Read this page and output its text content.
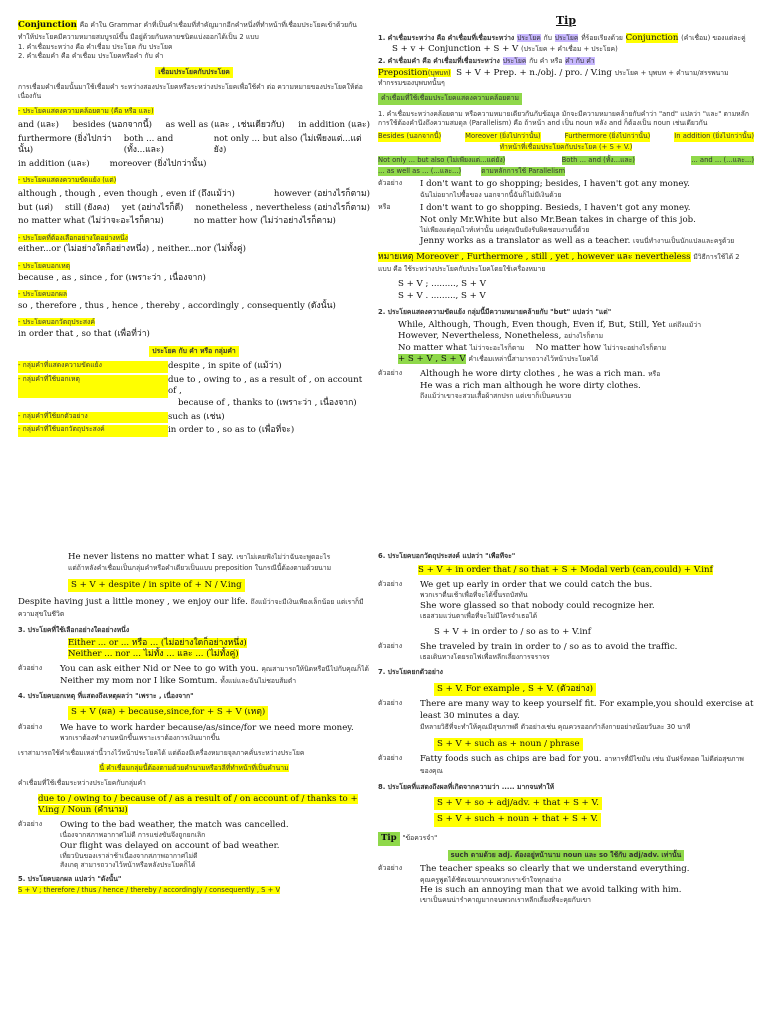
Conjunction คือ คำใน Grammar คำที่เป็นคำเชื่อมที่สำคัญมากอีกคำหนึ่งที่ทำหน้าที่เชื่อมประโยคเข้าด้วยกัน ทำให้ประโยคมีความหมายสมบูรณ์ขึ้น มีอยู่ด้วยกันหลายชนิดแบ่งออกได้เป็น 2 แบบ

1. คำเชื่อมระหว่าง คือ คำเชื่อม ประโยค กับ ประโยค

2. คำเชื่อมคำ คือ คำเชื่อม ประโยคหรือคำ กับ คำ

เชื่อมประโยคกับประโยค

การเชื่อมคำเชื่อมนั้นมาใช้เชื่อมคำ ระหว่างสองประโยคหรือระหว่างประโยคเพื่อใช้คำ ต่อ ความหมายของประโยคให้ต่อเนื่องกัน

- ประโยคแสดงความคล้อยตาม (คือ หรือ และ)

and (และ) besides (นอกจากนี้) as well as (และ , เช่นเดียวกับ) in addition (และ)
furthermore (ยิ่งไปกว่านั้น)
both ... and (ทั้ง...และ)
not only ... but also (ไม่เพียงแต่...แต่ยัง)
in addition (และ) moreover (ยิ่งไปกว่านั้น)

- ประโยคแสดงความขัดแย้ง (แต่)

although , though , even though , even if (ถึงแม้ว่า)	however (อย่างไรก็ตาม)
but (แต่) still (ยังคง) yet (อย่างไรก็ดี) nonetheless , nevertheless (อย่างไรก็ตาม)
no matter what (ไม่ว่าจะอะไรก็ตาม)	no matter how (ไม่ว่าอย่างไรก็ตาม)

- ประโยคที่ต้องเลือกอย่างใดอย่างหนึ่ง

either...or (ไม่อย่างใดก็อย่างหนึ่ง) , neither...nor (ไม่ทั้งคู่)

- ประโยคบอกเหตุ

because , as , since , for (เพราะว่า , เนื่องจาก)

- ประโยคบอกผล

so , therefore , thus , hence , thereby , accordingly , consequently (ดังนั้น)

- ประโยคบอกวัตถุประสงค์

in order that , so that (เพื่อที่ว่า)

ประโยค กับ คำ หรือ กลุ่มคำ

- กลุ่มคำที่แสดงความขัดแย้ง	despite , in spite of (แม้ว่า)
- กลุ่มคำที่ใช้บอกเหตุ	due to , owing to , as a result of , on account of ,

because of , thanks to (เพราะว่า , เนื่องจาก)

- กลุ่มคำที่ใช้ยกตัวอย่าง	such as (เช่น)
- กลุ่มคำที่ใช้บอกวัตถุประสงค์	in order to , so as to (เพื่อที่จะ)

Tip

1. คำเชื่อมระหว่าง คือ คำเชื่อมที่เชื่อมระหว่าง ประโยค กับ ประโยค ที่ร้อยเรียงด้วย Conjunction (คำเชื่อม) ของแต่ละคู่

S + v + Conjunction + S + V (ประโยค + คำเชื่อม + ประโยค)

2. คำเชื่อมคำ คือ คำเชื่อมที่เชื่อมระหว่าง ประโยค กับ คำ หรือ คำ กับ คำ

Preposition(บุพบท) S + V + Prep. + n./obj. / pro. / V.ing ประโยค + บุพบท + คำนาม/สรรพนาม

ทำกรรมของบุพบทนั้นๆ

คำเชื่อมที่ใช้เชื่อมประโยคแสดงความคล้อยตาม

1. คำเชื่อมระหว่างคล้อยตาม หรือความหมายเดียวกันกับข้อมูล มักจะมีความหมายคล้ายกับคำว่า "and" แปลว่า "และ" ตามหลักการใช้ต้องคำนึงถึงความสมดุล (Parallelism) คือ ถ้าหน้า and เป็น noun หลัง and ก็ต้องเป็น noun เช่นเดียวกัน

Besides (นอกจากนี้)	Moreover (ยิ่งไปกว่านั้น)	Furthermore (ยิ่งไปกว่านั้น)	In addition (ยิ่งไปกว่านั้น)

ทำหน้าที่เชื่อมประโยคกับประโยค (+ S + V.)

Not only ... but also (ไม่เพียงแต่...แต่ยัง)	Both ... and (ทั้ง...และ)	... and ... (...และ...)
... as well as ... (...และ...)	ตามหลักการใช้ Parallelism
ตัวอย่าง	I don't want to go shopping; besides, I haven't got any money.

ฉันไม่อยากไปซื้อของ นอกจากนี้ฉันก็ไม่มีเงินด้วย

หรือ	I don't want to go shopping. Besieds, I haven't got any money.

Not only Mr.White but also Mr.Bean takes in charge of this job.

ไม่เพียงแต่คุณไวท์เท่านั้น แต่คุณบีนยังรับผิดชอบงานนี้ด้วย

Jenny works as a translator as well as a teacher. เจนนี่ทำงานเป็นนักแปลและครูด้วย

หมายเหตุ Moreover , Furthermore , still , yet , however และ nevertheless มีวิธีการใช้ได้ 2 แบบ คือ ใช้ระหว่างประโยคกับประโยคโดยใช้เครื่องหมาย

S + V ; ........., S + V

S + V . ........., S + V

2. ประโยคแสดงความขัดแย้ง กลุ่มนี้มีความหมายคล้ายกับ "but" แปลว่า "แต่"

While, Although, Though, Even though, Even if, But, Still, Yet แต่ถึงแม้ว่า

However, Nevertheless, Nonetheless, อย่างไรก็ตาม

No matter what ไม่ว่าจะอะไรก็ตาม No matter how ไม่ว่าจะอย่างไรก็ตาม

+ S + V , S + V คำเชื่อมเหล่านี้สามารถวางไว้หน้าประโยคได้

ตัวอย่าง	Although he wore dirty clothes , he was a rich man. หรือ

He was a rich man although he wore dirty clothes.

ถึงแม้ว่าเขาจะสวมเสื้อผ้าสกปรก แต่เขาก็เป็นคนรวย

He never listens no matter what I say. เขาไม่เคยฟังไม่ว่าฉันจะพูดอะไร

แต่ถ้าหลังคำเชื่อมเป็นกลุ่มคำหรือคำเดียวเป็นแบบ preposition ในกรณีนี้ต้องตามด้วยนาม

S + V + despite / in spite of + N / V.ing

Despite having just a little money , we enjoy our life. ถึงแม้ว่าจะมีเงินเพียงเล็กน้อย แต่เราก็มีความสุขในชีวิต

3. ประโยคที่ใช้เลือกอย่างใดอย่างหนึ่ง

Either ... or ... หรือ ... (ไม่อย่างใดก็อย่างหนึ่ง)

Neither ... nor ... ไม่ทั้ง ... และ ... (ไม่ทั้งคู่)

ตัวอย่าง	You can ask either Nid or Nee to go with you. คุณสามารถให้นิดหรือนีไปกับคุณก็ได้

Neither my mom nor I like Somtum. ทั้งแม่และฉันไม่ชอบส้มตำ

4. ประโยคบอกเหตุ ที่แสดงถึงเหตุผลว่า "เพราะ , เนื่องจาก"

S + V (ผล) + because,since,for + S + V (เหตุ)

ตัวอย่าง	We have to work harder because/as/since/for we need more money.

พวกเราต้องทำงานหนักขึ้นเพราะเราต้องการเงินมากขึ้น

เราสามารถใช้คำเชื่อมเหล่านี้วางไว้หน้าประโยคได้ แต่ต้องมีเครื่องหมายจุลภาคคั่นระหว่างประโยค

นี้ คำเชื่อมกลุ่มนี้ต้องตามด้วยคำนามหรือวลีที่ทำหน้าที่เป็นคำนาม

คำเชื่อมที่ใช้เชื่อมระหว่างประโยคกับกลุ่มคำ

due to / owing to / because of / as a result of / on account of / thanks to + V.ing / Noun (คำนาม)

ตัวอย่าง	Owing to the bad weather, the match was cancelled.

เนื่องจากสภาพอากาศไม่ดี การแข่งขันจึงถูกยกเลิก

Our flight was delayed on account of bad weather.

เที่ยวบินของเราล่าช้าเนื่องจากสภาพอากาศไม่ดี

สังเกตุ สามารถวางไว้หน้าหรือหลังประโยคก็ได้

5. ประโยคบอกผล แปลว่า "ดังนั้น"

S + V ; therefore / thus / hence / thereby / accordingly / consequently , S + V

6. ประโยคบอกวัตถุประสงค์ แปลว่า "เพื่อที่จะ"

S + V + in order that / so that + S + Modal verb (can,could) + V.inf

ตัวอย่าง	We get up early in order that we could catch the bus.

พวกเราตื่นเช้าเพื่อที่จะได้ขึ้นรถบัสทัน

She wore glassed so that nobody could recognize her.

เธอสวมแว่นตาเพื่อที่จะไม่มีใครจำเธอได้

S + V + in order to / so as to + V.inf

ตัวอย่าง	She traveled by train in order to / so as to avoid the traffic.

เธอเดินทางโดยรถไฟเพื่อหลีกเลี่ยงการจราจร

7. ประโยคยกตัวอย่าง

S + V. For example , S + V. (ตัวอย่าง)

ตัวอย่าง	There are many way to keep yourself fit. For example,you should exercise at least 30 minutes a day.

มีหลายวิธีที่จะทำให้คุณมีสุขภาพดี ตัวอย่างเช่น คุณควรออกกำลังกายอย่างน้อยวันละ 30 นาที

S + V + such as + noun / phrase

ตัวอย่าง	Fatty foods such as chips are bad for you. อาหารที่มีไขมัน เช่น มันฝรั่งทอด ไม่ดีต่อสุขภาพของคุณ

8. ประโยคที่แสดงถึงผลที่เกิดจากความว่า ..... มากจนทำให้

S + V + so + adj/adv. + that + S + V.

S + V + such + noun + that + S + V.

Tip "ข้อควรจำ"

such ตามด้วย adj. ต้องอยู่หน้านาม noun และ so ใช้กับ adj/adv. เท่านั้น

ตัวอย่าง	The teacher speaks so clearly that we understand everything.

คุณครูพูดได้ชัดเจนมากจนพวกเราเข้าใจทุกอย่าง

He is such an annoying man that we avoid talking with him.

เขาเป็นคนน่ารำคาญมากจนพวกเราหลีกเลี่ยงที่จะคุยกับเขา
